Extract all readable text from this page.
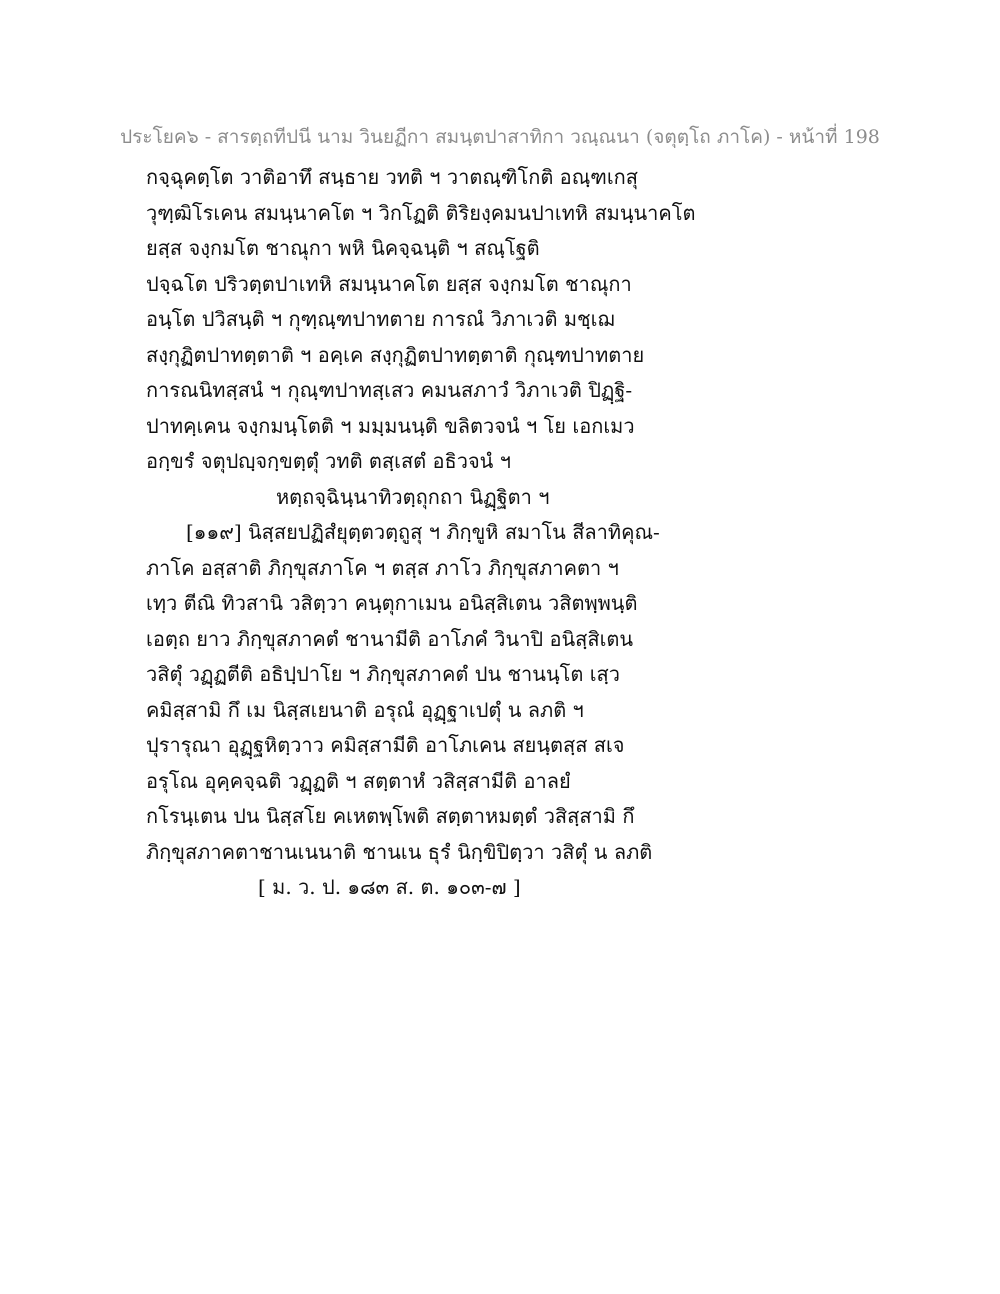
ประโยค๖ - สารตฺถทีปนี นาม วินยฏีกา สมนฺตปาสาทิกา วณฺณนา (จตุตฺโถ ภาโค) - หน้าที่ 198
กจฺฉุคตฺโต วาติอาทึ สนฺธาย วทติ ฯ วาตณฺฑิโกติ อณฺฑเกสุ
วุฑฺฒิโรเคน สมนฺนาคโต ฯ วิกโฏติ ติริยงฺคมนปาเทหิ สมนฺนาคโต
ยสฺส จงฺกมโต ชาณุกา พหิ นิคจฺฉนฺติ ฯ สณฺโฐติ
ปจฺฉโต ปริวตฺตปาเทหิ สมนฺนาคโต ยสฺส จงฺกมโต ชาณุกา
อนฺโต ปวิสนฺติ ฯ กุฑฺณฺฑปาทตาย การณํ วิภาเวติ มชฺเฌ
สงฺกุฏิตปาทตฺตาติ ฯ อคฺเค สงฺกุฏิตปาทตฺตาติ กุณฺฑปาทตาย
การณนิทสฺสนํ ฯ กุณฺฑปาทสฺเสว คมนสภาวํ วิภาเวติ ปิฏฺฐิ-
ปาทคฺเคน จงฺกมนฺโตติ ฯ มมฺมนนฺติ ขลิตวจนํ ฯ โย เอกเมว
อกฺขรํ จตุปญฺจกฺขตฺตุํ วทติ ตสฺเสตํ อธิวจนํ ฯ
หตฺถจฺฉินฺนาทิวตฺถุกถา นิฏฺฐิตา ฯ
[๑๑๙] นิสฺสยปฏิสํยุตฺตวตฺถูสุ ฯ ภิกฺขูหิ สมาโน สีลาทิคุณ-
ภาโค อสฺสาติ ภิกฺขุสภาโค ฯ ตสฺส ภาโว ภิกฺขุสภาคตา ฯ
เทฺว ตีณิ ทิวสานิ วสิตฺวา คนฺตุกาเมน อนิสฺสิเตน วสิตพฺพนฺติ
เอตฺถ ยาว ภิกฺขุสภาคตํ ชานามีติ อาโภคํ วินาปิ อนิสฺสิเตน
วสิตุํ วฏฺฏตีติ อธิปฺปาโย ฯ ภิกฺขุสภาคตํ ปน ชานนฺโต เสฺว
คมิสฺสามิ กึ เม นิสฺสเยนาติ อรุณํ อุฏฺฐาเปตุํ น ลภติ ฯ
ปุรารุณา อุฏฺฐหิตฺวาว คมิสฺสามีติ อาโภเคน สยนฺตสฺส สเจ
อรุโณ อุคฺคจฺฉติ วฏฺฏติ ฯ สตฺตาหํ วสิสฺสามีติ อาลยํ
กโรนฺเตน ปน นิสฺสโย คเหตพฺโพติ สตฺตาหมตฺตํ วสิสฺสามิ กึ
ภิกฺขุสภาคตาชานเนนาติ ชานเน ธุรํ นิกฺขิปิตฺวา วสิตุํ น ลภติ
[ ม. ว. ป. ๑๘๓ ส. ต. ๑๐๓-๗ ]
